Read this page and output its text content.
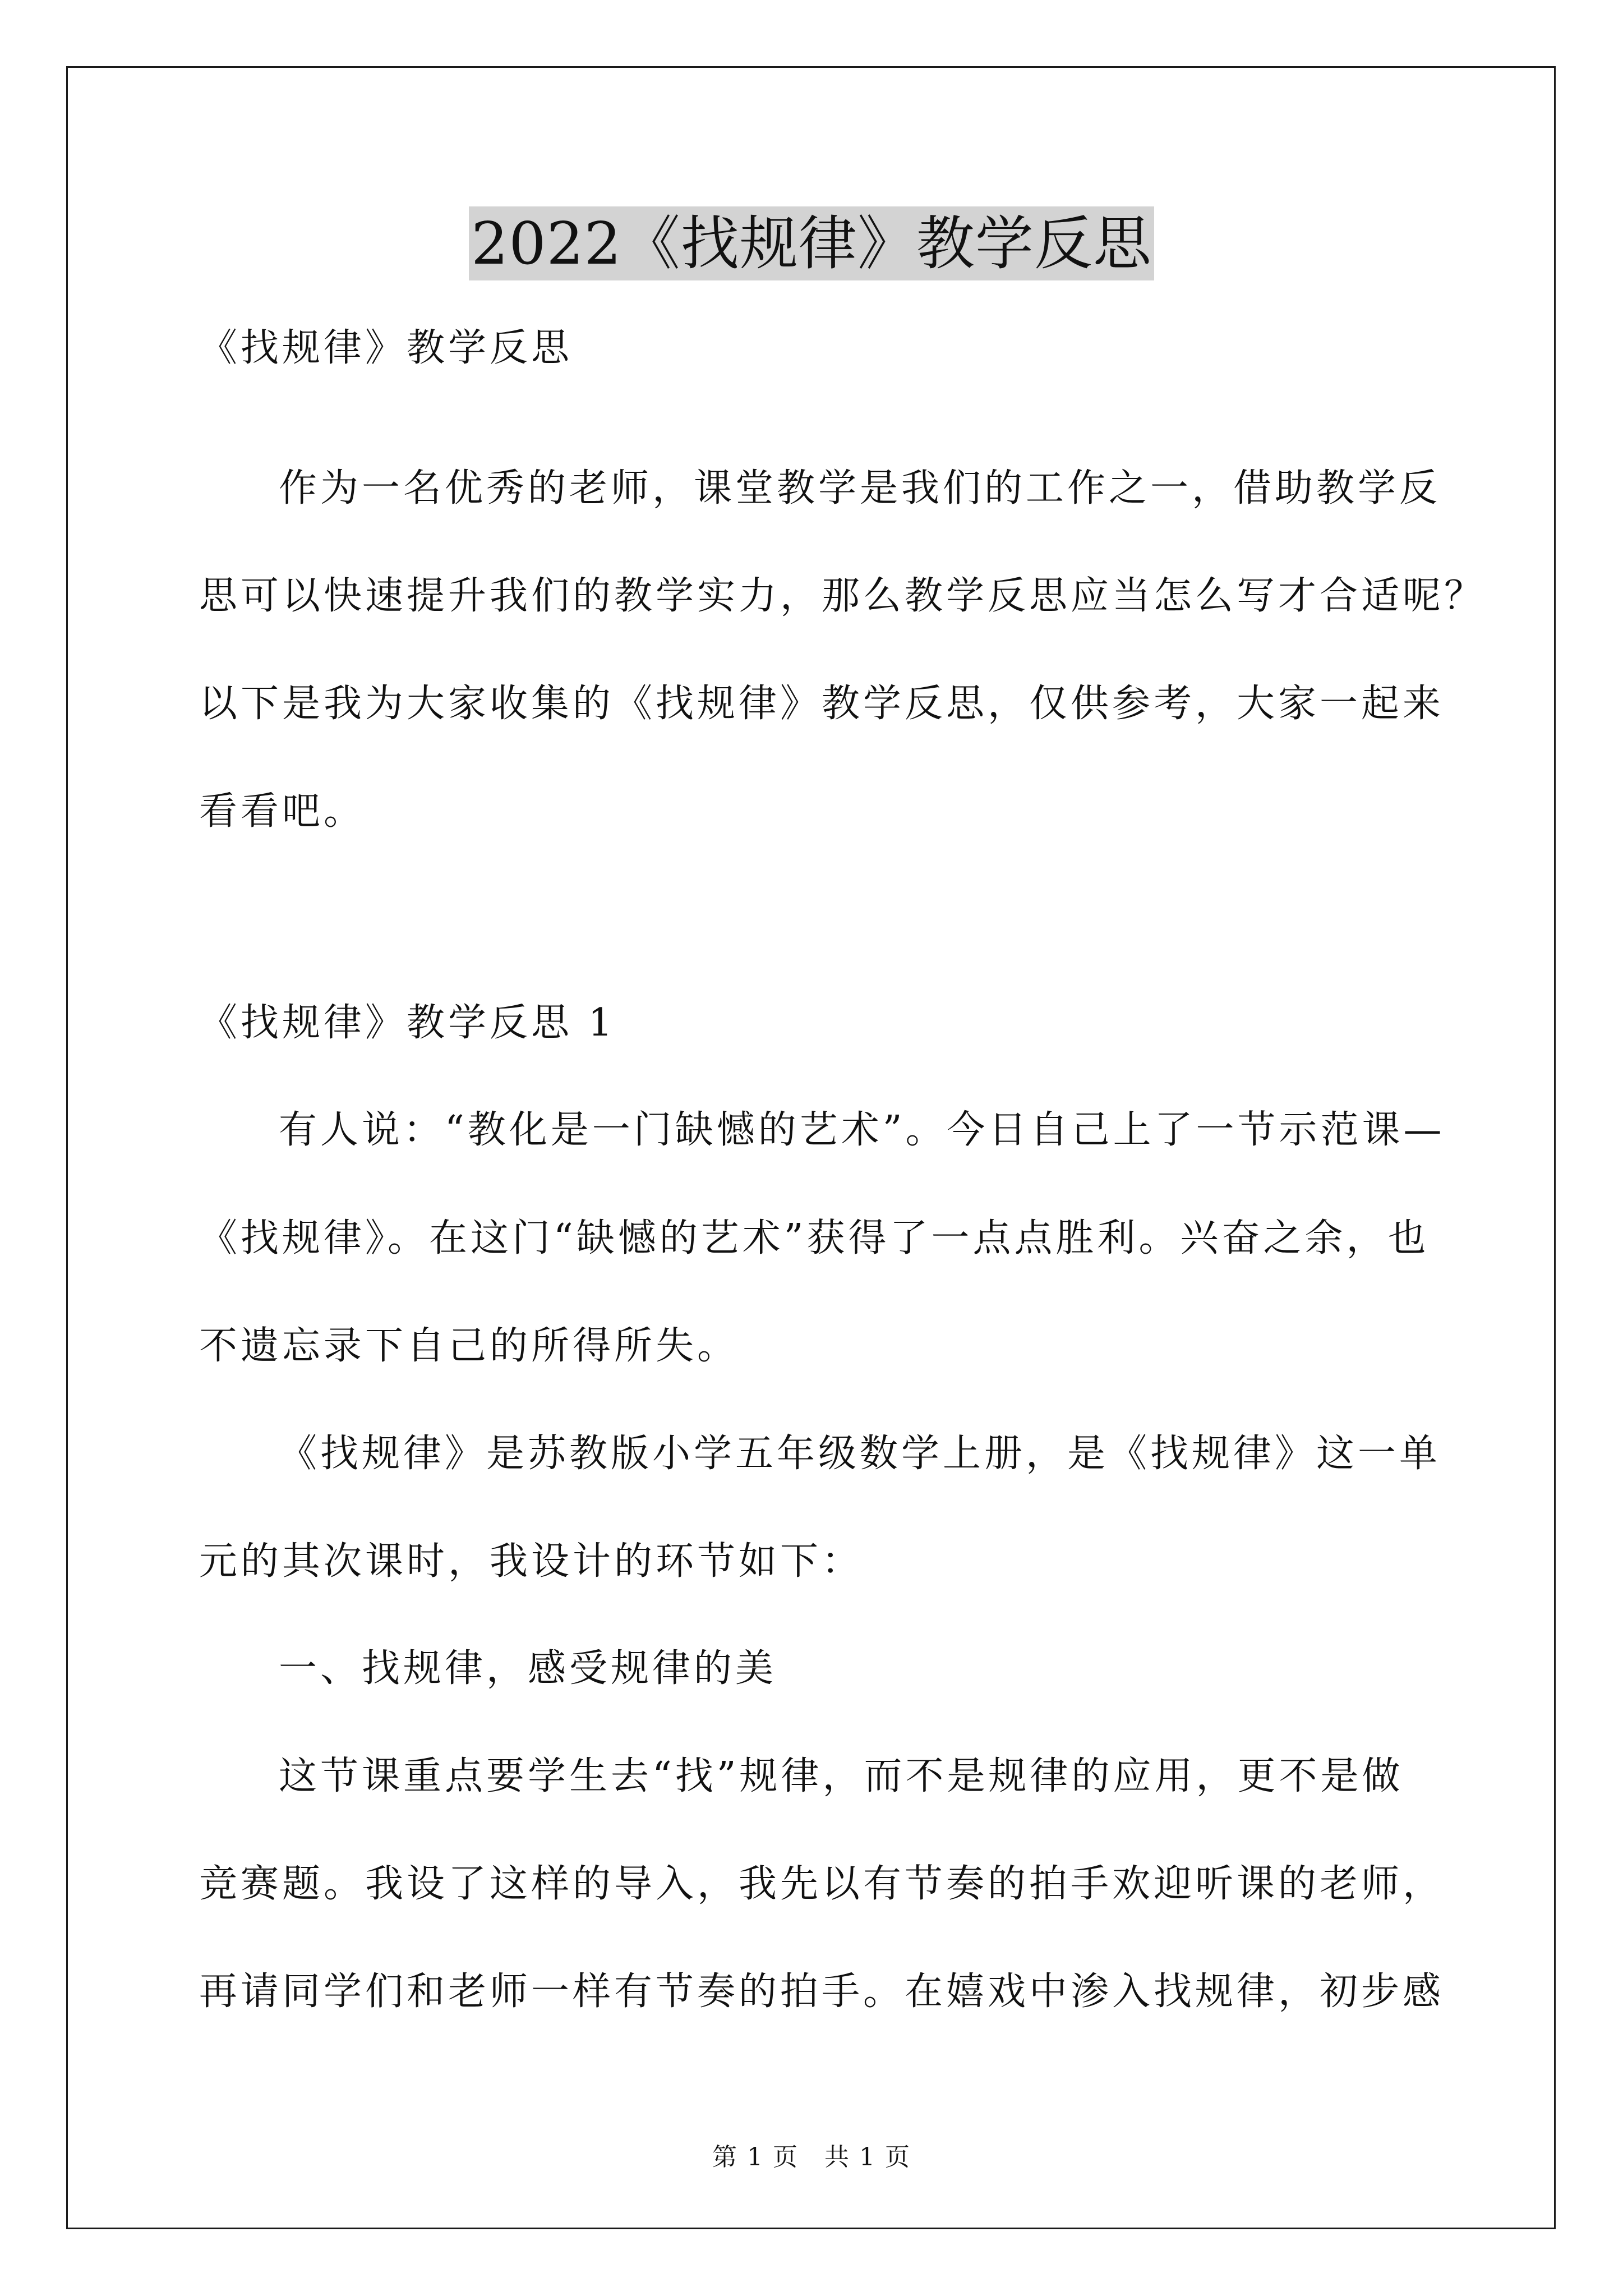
2022《找规律》教学反思
《找规律》教学反思
作为一名优秀的老师，课堂教学是我们的工作之一，借助教学反
思可以快速提升我们的教学实力，那么教学反思应当怎么写才合适呢？
以下是我为大家收集的《找规律》教学反思，仅供参考，大家一起来
看看吧。
《找规律》教学反思 1
有人说：“教化是一门缺憾的艺术”。今日自己上了一节示范课—
《找规律》。在这门“缺憾的艺术”获得了一点点胜利。兴奋之余，也
不遗忘录下自己的所得所失。
《找规律》是苏教版小学五年级数学上册，是《找规律》这一单
元的其次课时，我设计的环节如下：
一、找规律，感受规律的美
这节课重点要学生去“找”规律，而不是规律的应用，更不是做
竞赛题。我设了这样的导入，我先以有节奏的拍手欢迎听课的老师，
再请同学们和老师一样有节奏的拍手。在嬉戏中渗入找规律，初步感
第 1 页　共 1 页
